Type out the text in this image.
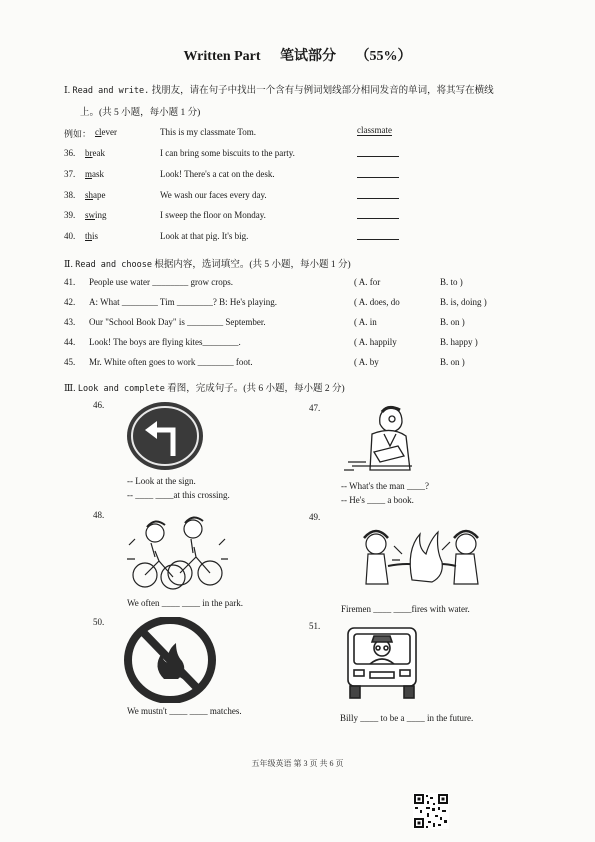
Written Part 笔试部分 （55%）
Ⅰ. Read and write. 找朋友，请在句子中找出一个含有与例词划线部分相同发音的单词，将其写在横线
上。(共 5 小题，每小题 1 分)
例如： clever	This is my classmate Tom.	classmate
36. break	I can bring some biscuits to the party.
37. mask	Look! There's a cat on the desk.
38. shape	We wash our faces every day.
39. swing	I sweep the floor on Monday.
40. this	Look at that pig. It's big.
Ⅱ. Read and choose 根据内容，选词填空。(共 5 小题，每小题 1 分)
41. People use water ________ grow crops.	( A. for	B. to )
42. A: What ________ Tim ________? B: He's playing.	( A. does, do	B. is, doing )
43. Our "School Book Day" is ________ September.	( A. in	B. on )
44. Look! The boys are flying kites________.	( A. happily	B. happy )
45. Mr. White often goes to work ________ foot.	( A. by	B. on )
Ⅲ. Look and complete 看图，完成句子。(共 6 小题，每小题 2 分)
46.
-- Look at the sign.
-- ____ ____at this crossing.
47.
-- What's the man ____?
-- He's ____ a book.
48.
We often ____ ____ in the park.
49.
Firemen ____ ____fires with water.
50.
We mustn't ____ ____ matches.
51.
Billy ____ to be a ____ in the future.
五年级英语 第 3 页 共 6 页
